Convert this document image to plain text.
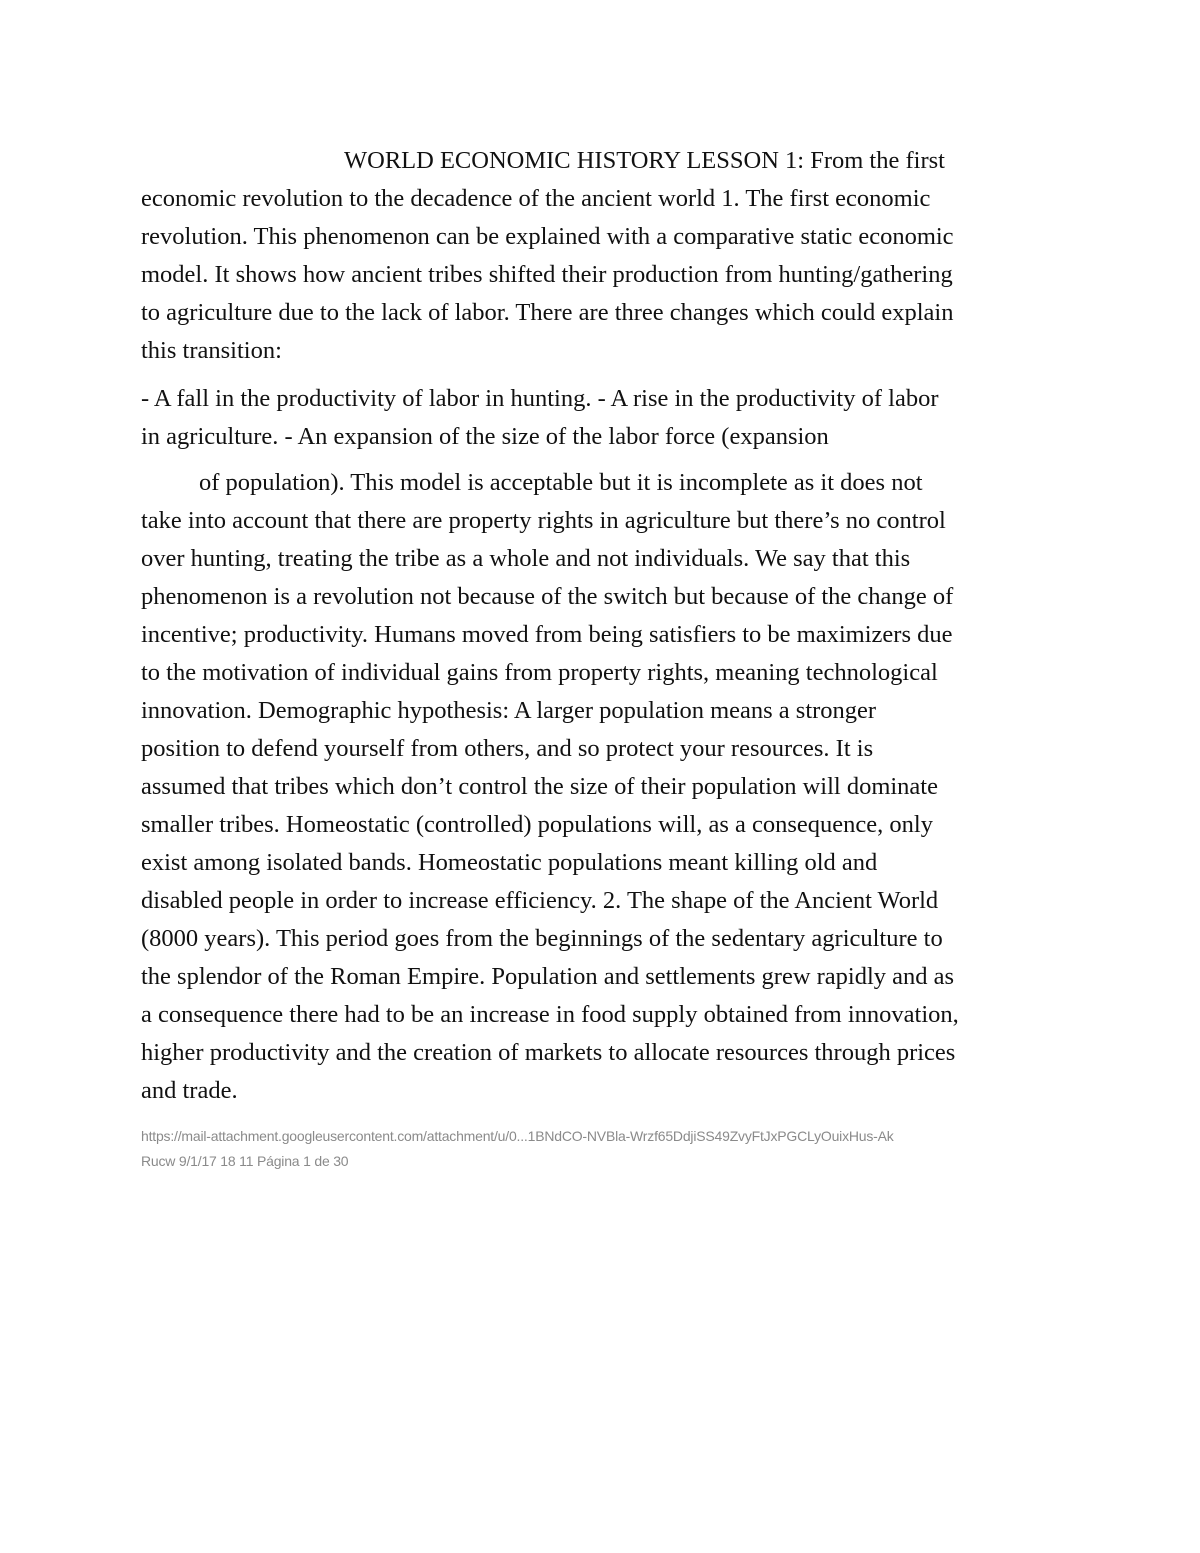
WORLD ECONOMIC HISTORY LESSON 1: From the first
economic revolution to the decadence of the ancient world 1. The first economic
revolution. This phenomenon can be explained with a comparative static economic
model. It shows how ancient tribes shifted their production from hunting/gathering
to agriculture due to the lack of labor. There are three changes which could explain
this transition:
- A fall in the productivity of labor in hunting. - A rise in the productivity of labor
in agriculture. - An expansion of the size of the labor force (expansion
of population). This model is acceptable but it is incomplete as it does not
take into account that there are property rights in agriculture but there’s no control
over hunting, treating the tribe as a whole and not individuals. We say that this
phenomenon is a revolution not because of the switch but because of the change of
incentive; productivity. Humans moved from being satisfiers to be maximizers due
to the motivation of individual gains from property rights, meaning technological
innovation. Demographic hypothesis: A larger population means a stronger
position to defend yourself from others, and so protect your resources. It is
assumed that tribes which don’t control the size of their population will dominate
smaller tribes. Homeostatic (controlled) populations will, as a consequence, only
exist among isolated bands. Homeostatic populations meant killing old and
disabled people in order to increase efficiency. 2. The shape of the Ancient World
(8000 years). This period goes from the beginnings of the sedentary agriculture to
the splendor of the Roman Empire. Population and settlements grew rapidly and as
a consequence there had to be an increase in food supply obtained from innovation,
higher productivity and the creation of markets to allocate resources through prices
and trade.
https://mail-attachment.googleusercontent.com/attachment/u/0...1BNdCO-NVBla-Wrzf65DdjiSS49ZvyFtJxPGCLyOuixHus-Ak
Rucw 9/1/17 18 11 Página 1 de 30
